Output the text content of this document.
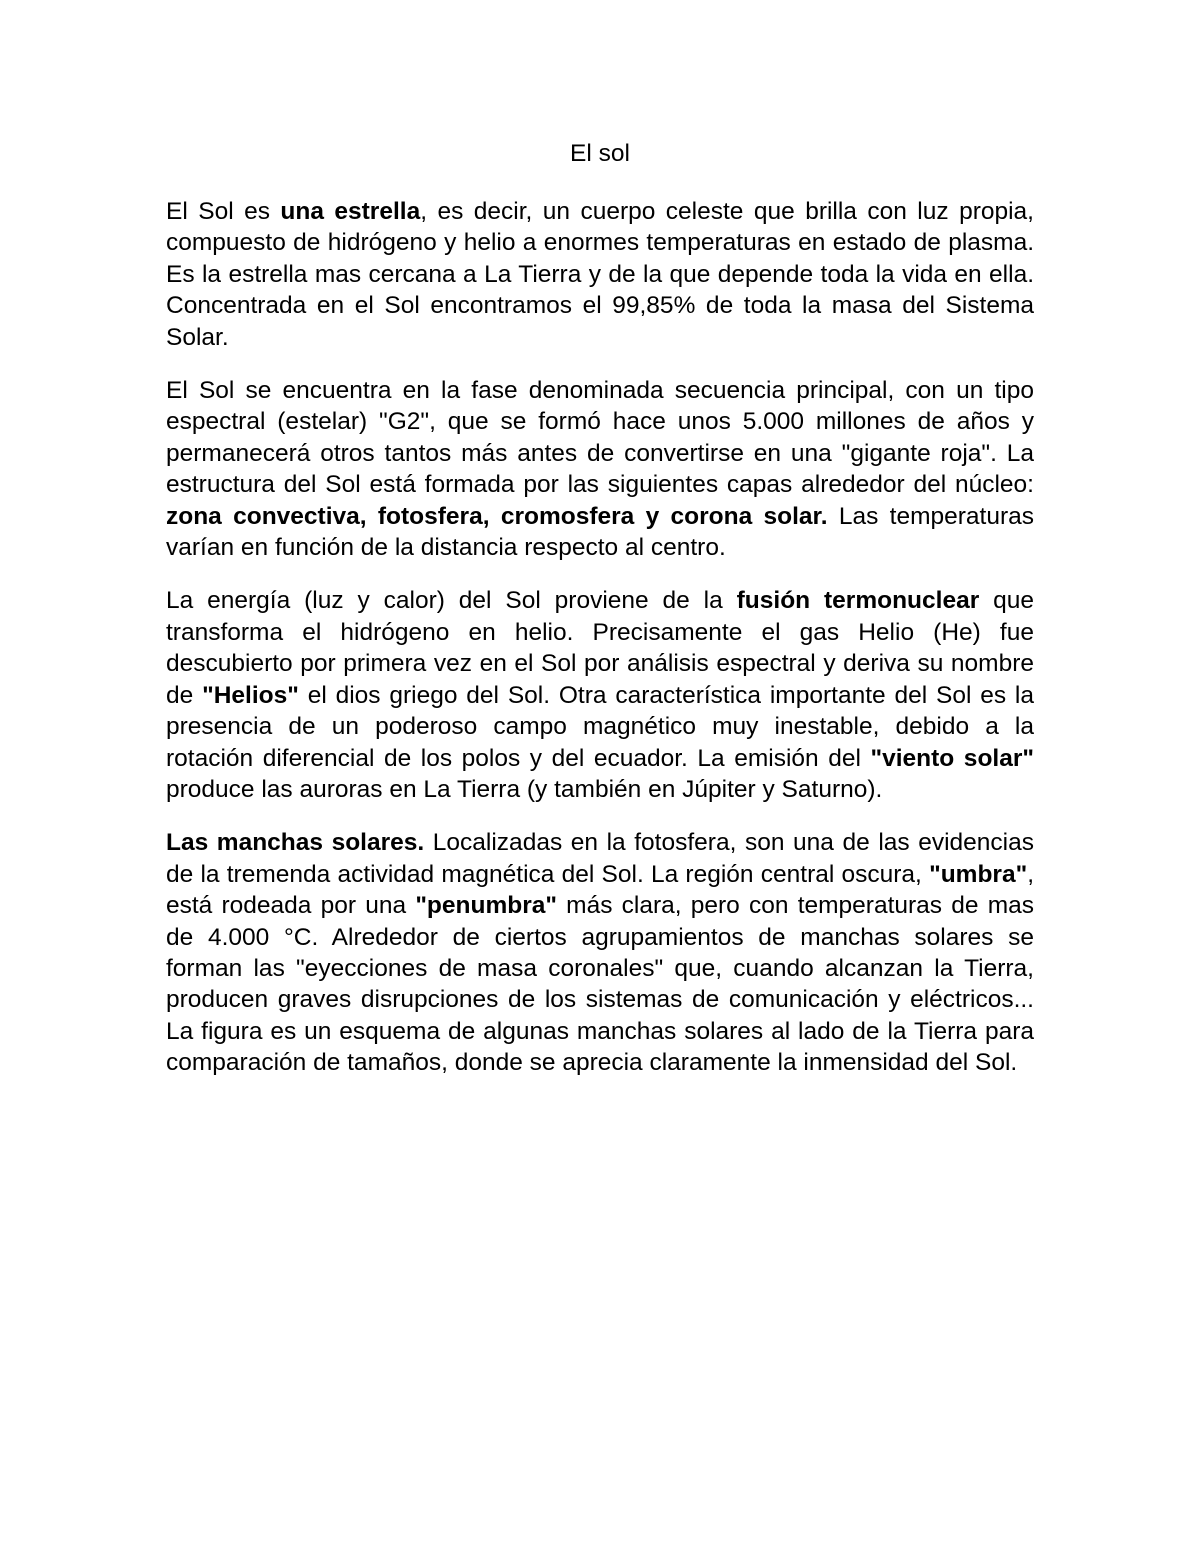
El sol

El Sol es una estrella, es decir, un cuerpo celeste que brilla con luz propia, compuesto de hidrógeno y helio a enormes temperaturas en estado de plasma. Es la estrella mas cercana a La Tierra y de la que depende toda la vida en ella. Concentrada en el Sol encontramos el 99,85% de toda la masa del Sistema Solar.

El Sol se encuentra en la fase denominada secuencia principal, con un tipo espectral (estelar) "G2", que se formó hace unos 5.000 millones de años y permanecerá otros tantos más antes de convertirse en una "gigante roja". La estructura del Sol está formada por las siguientes capas alrededor del núcleo: zona convectiva, fotosfera, cromosfera y corona solar. Las temperaturas varían en función de la distancia respecto al centro.

La energía (luz y calor) del Sol proviene de la fusión termonuclear que transforma el hidrógeno en helio. Precisamente el gas Helio (He) fue descubierto por primera vez en el Sol por análisis espectral y deriva su nombre de "Helios" el dios griego del Sol. Otra característica importante del Sol es la presencia de un poderoso campo magnético muy inestable, debido a la rotación diferencial de los polos y del ecuador. La emisión del "viento solar" produce las auroras en La Tierra (y también en Júpiter y Saturno).

Las manchas solares. Localizadas en la fotosfera, son una de las evidencias de la tremenda actividad magnética del Sol. La región central oscura, "umbra", está rodeada por una "penumbra" más clara, pero con temperaturas de mas de 4.000 °C. Alrededor de ciertos agrupamientos de manchas solares se forman las "eyecciones de masa coronales" que, cuando alcanzan la Tierra, producen graves disrupciones de los sistemas de comunicación y eléctricos... La figura es un esquema de algunas manchas solares al lado de la Tierra para comparación de tamaños, donde se aprecia claramente la inmensidad del Sol.
